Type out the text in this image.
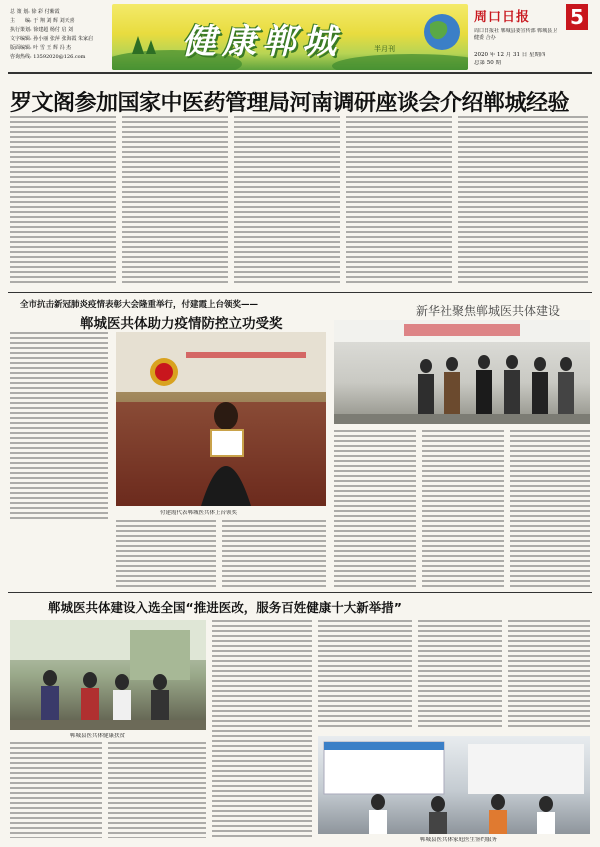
总 策 划: 徐 彩 付紫霞
主　　编: 于 翔 刘 辉 刘天喜
执行策划: 徐建超 杨付 启 刘
文字编辑: 孙小丽 张萍 张海霞 朱家启
版面编辑: 叶 雪 王 辉 冯 杰
咨询热线: 13592020@126.com	健康郸城	半月刊
周口日报 5
周口日报社 郸城县委宣传部 郸城县卫健委 合办
2020 年 12 月 31 日 星期四
总第 50 期
罗文阁参加国家中医药管理局河南调研座谈会介绍郸城经验
全市抗击新冠肺炎疫情表彰大会隆重举行，付建霞上台领奖——
郸城医共体助力疫情防控立功受奖
付建霞代表郸城医共体上台领奖
新华社聚焦郸城医共体建设
郸城医共体建设入选全国“推进医改，服务百姓健康十大新举措”
郸城县医共体健康扶贫
郸城县医共体家庭医生签约服务
